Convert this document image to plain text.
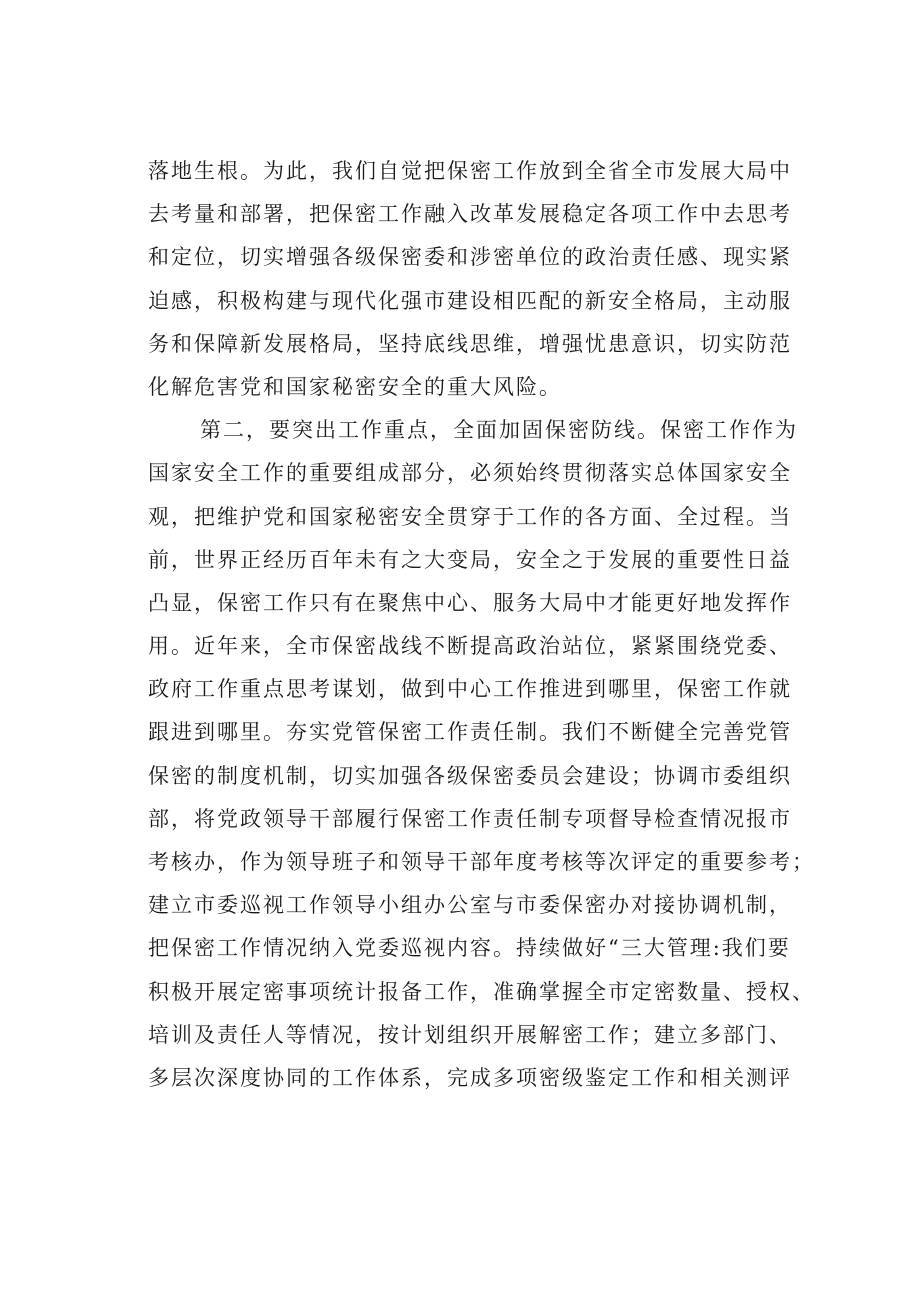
落地生根。为此，我们自觉把保密工作放到全省全市发展大局中
去考量和部署，把保密工作融入改革发展稳定各项工作中去思考
和定位，切实增强各级保密委和涉密单位的政治责任感、现实紧
迫感，积极构建与现代化强市建设相匹配的新安全格局，主动服
务和保障新发展格局，坚持底线思维，增强忧患意识，切实防范
化解危害党和国家秘密安全的重大风险。
第二，要突出工作重点，全面加固保密防线。保密工作作为
国家安全工作的重要组成部分，必须始终贯彻落实总体国家安全
观，把维护党和国家秘密安全贯穿于工作的各方面、全过程。当
前，世界正经历百年未有之大变局，安全之于发展的重要性日益
凸显，保密工作只有在聚焦中心、服务大局中才能更好地发挥作
用。近年来，全市保密战线不断提高政治站位，紧紧围绕党委、
政府工作重点思考谋划，做到中心工作推进到哪里，保密工作就
跟进到哪里。夯实党管保密工作责任制。我们不断健全完善党管
保密的制度机制，切实加强各级保密委员会建设；协调市委组织
部，将党政领导干部履行保密工作责任制专项督导检查情况报市
考核办，作为领导班子和领导干部年度考核等次评定的重要参考；
建立市委巡视工作领导小组办公室与市委保密办对接协调机制，
把保密工作情况纳入党委巡视内容。持续做好“三大管理:我们要
积极开展定密事项统计报备工作，准确掌握全市定密数量、授权、
培训及责任人等情况，按计划组织开展解密工作；建立多部门、
多层次深度协同的工作体系，完成多项密级鉴定工作和相关测评
